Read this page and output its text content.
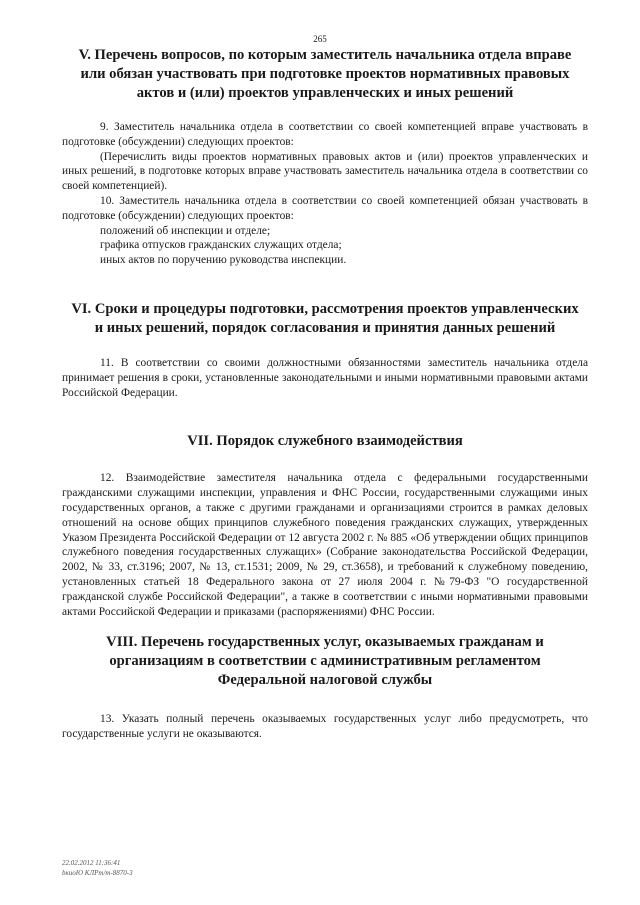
265
V. Перечень вопросов, по которым заместитель начальника отдела вправе
или обязан участвовать при подготовке проектов нормативных правовых
актов и (или) проектов управленческих и иных решений

9. Заместитель начальника отдела в соответствии со своей компетенцией вправе участвовать в подготовке (обсуждении) следующих проектов:

(Перечислить виды проектов нормативных правовых актов и (или) проектов управленческих и иных решений, в подготовке которых вправе участвовать заместитель начальника отдела в соответствии со своей компетенцией).

10. Заместитель начальника отдела в соответствии со своей компетенцией обязан участвовать в подготовке (обсуждении) следующих проектов:

положений об инспекции и отделе;

графика отпусков гражданских служащих отдела;

иных актов по поручению руководства инспекции.

VI. Сроки и процедуры подготовки, рассмотрения проектов управленческих
и иных решений, порядок согласования и принятия данных решений

11. В соответствии со своими должностными обязанностями заместитель начальника отдела принимает решения в сроки, установленные законодательными и иными нормативными правовыми актами Российской Федерации.

VII. Порядок служебного взаимодействия

12. Взаимодействие заместителя начальника отдела с федеральными государственными гражданскими служащими инспекции, управления и ФНС России, государственными служащими иных государственных органов, а также с другими гражданами и организациями строится в рамках деловых отношений на основе общих принципов служебного поведения гражданских служащих, утвержденных Указом Президента Российской Федерации от 12 августа 2002 г. № 885 «Об утверждении общих принципов служебного поведения государственных служащих» (Собрание законодательства Российской Федерации, 2002, № 33, ст.3196; 2007, № 13, ст.1531; 2009, № 29, ст.3658), и требований к служебному поведению, установленных статьей 18 Федерального закона от 27 июля 2004 г. №79-ФЗ "О государственной гражданской службе Российской Федерации", а также в соответствии с иными нормативными правовыми актами Российской Федерации и приказами (распоряжениями) ФНС России.

VIII. Перечень государственных услуг, оказываемых гражданам и
организациям в соответствии с административным регламентом
Федеральной налоговой службы

13. Указать полный перечень оказываемых государственных услуг либо предусмотреть, что государственные услуги не оказываются.

22.02.2012 11:36:41
bкиоЮ КЛРт/т-8870-3
